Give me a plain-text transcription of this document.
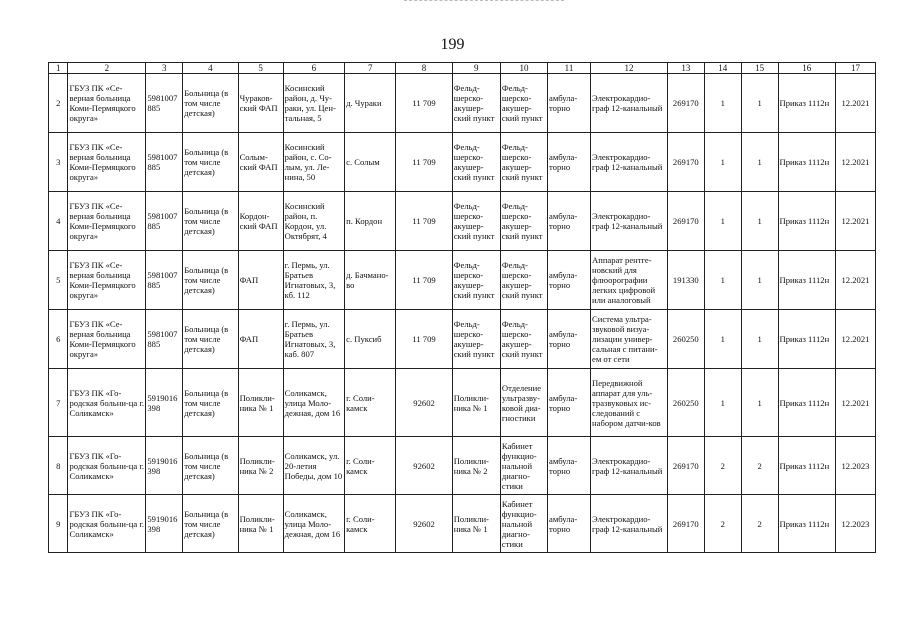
199
1	2	3	4	5	6	7	8	9	10	11	12	13	14	15	16	17
2	ГБУЗ ПК «Се-верная больница Коми-Пермяцкого округа»	5981007885	Больница (в том числе детская)	Чураков-ский ФАП	Косинский район, д. Чу-раки, ул. Цен-тальная, 5	д. Чураки	11 709	Фельд-шерско-акушер-ский пункт	Фельд-шерско-акушер-ский пункт	амбула-торно	Электрокардио-граф 12-канальный	269170	1	1	Приказ 1112н	12.2021
3	ГБУЗ ПК «Се-верная больница Коми-Пермяцкого округа»	5981007885	Больница (в том числе детская)	Солым-ский ФАП	Косинский район, с. Со-лым, ул. Ле-нина, 50	с. Солым	11 709	Фельд-шерско-акушер-ский пункт	Фельд-шерско-акушер-ский пункт	амбула-торно	Электрокардио-граф 12-канальный	269170	1	1	Приказ 1112н	12.2021
4	ГБУЗ ПК «Се-верная больница Коми-Пермяцкого округа»	5981007885	Больница (в том числе детская)	Кордон-ский ФАП	Косинский район, п. Кордон, ул. Октябрят, 4	п. Кордон	11 709	Фельд-шерско-акушер-ский пункт	Фельд-шерско-акушер-ский пункт	амбула-торно	Электрокардио-граф 12-канальный	269170	1	1	Приказ 1112н	12.2021
5	ГБУЗ ПК «Се-верная больница Коми-Пермяцкого округа»	5981007885	Больница (в том числе детская)	ФАП	г. Пермь, ул. Братьев Игнатовых, 3, кб. 112	д. Бачмано-во	11 709	Фельд-шерско-акушер-ский пункт	Фельд-шерско-акушер-ский пункт	амбула-торно	Аппарат рентге-новский для флюорографии легких цифровой или аналоговый	191330	1	1	Приказ 1112н	12.2021
6	ГБУЗ ПК «Се-верная больница Коми-Пермяцкого округа»	5981007885	Больница (в том числе детская)	ФАП	г. Пермь, ул. Братьев Игнатовых, 3, каб. 807	с. Пуксиб	11 709	Фельд-шерско-акушер-ский пункт	Фельд-шерско-акушер-ский пункт	амбула-торно	Система ультра-звуковой визуа-лизации универ-сальная с питани-ем от сети	260250	1	1	Приказ 1112н	12.2021
7	ГБУЗ ПК «Го-родская больни-ца г. Соликамск»	5919016398	Больница (в том числе детская)	Поликли-ника № 1	Соликамск, улица Моло-дежная, дом 16	г. Соли-камск	92602	Поликли-ника № 1	Отделение ультразву-ковой диа-гностики	амбула-торно	Передвижной аппарат для уль-тразвуковых ис-следований с набором датчи-ков	260250	1	1	Приказ 1112н	12.2021
8	ГБУЗ ПК «Го-родская больни-ца г. Соликамск»	5919016398	Больница (в том числе детская)	Поликли-ника № 2	Соликамск, ул. 20-летия Победы, дом 10	г. Соли-камск	92602	Поликли-ника № 2	Кабинет функцио-нальной диагно-стики	амбула-торно	Электрокардио-граф 12-канальный	269170	2	2	Приказ 1112н	12.2023
9	ГБУЗ ПК «Го-родская больни-ца г. Соликамск»	5919016398	Больница (в том числе детская)	Поликли-ника № 1	Соликамск, улица Моло-дежная, дом 16	г. Соли-камск	92602	Поликли-ника № 1	Кабинет функцио-нальной диагно-стики	амбула-торно	Электрокардио-граф 12-канальный	269170	2	2	Приказ 1112н	12.2023
